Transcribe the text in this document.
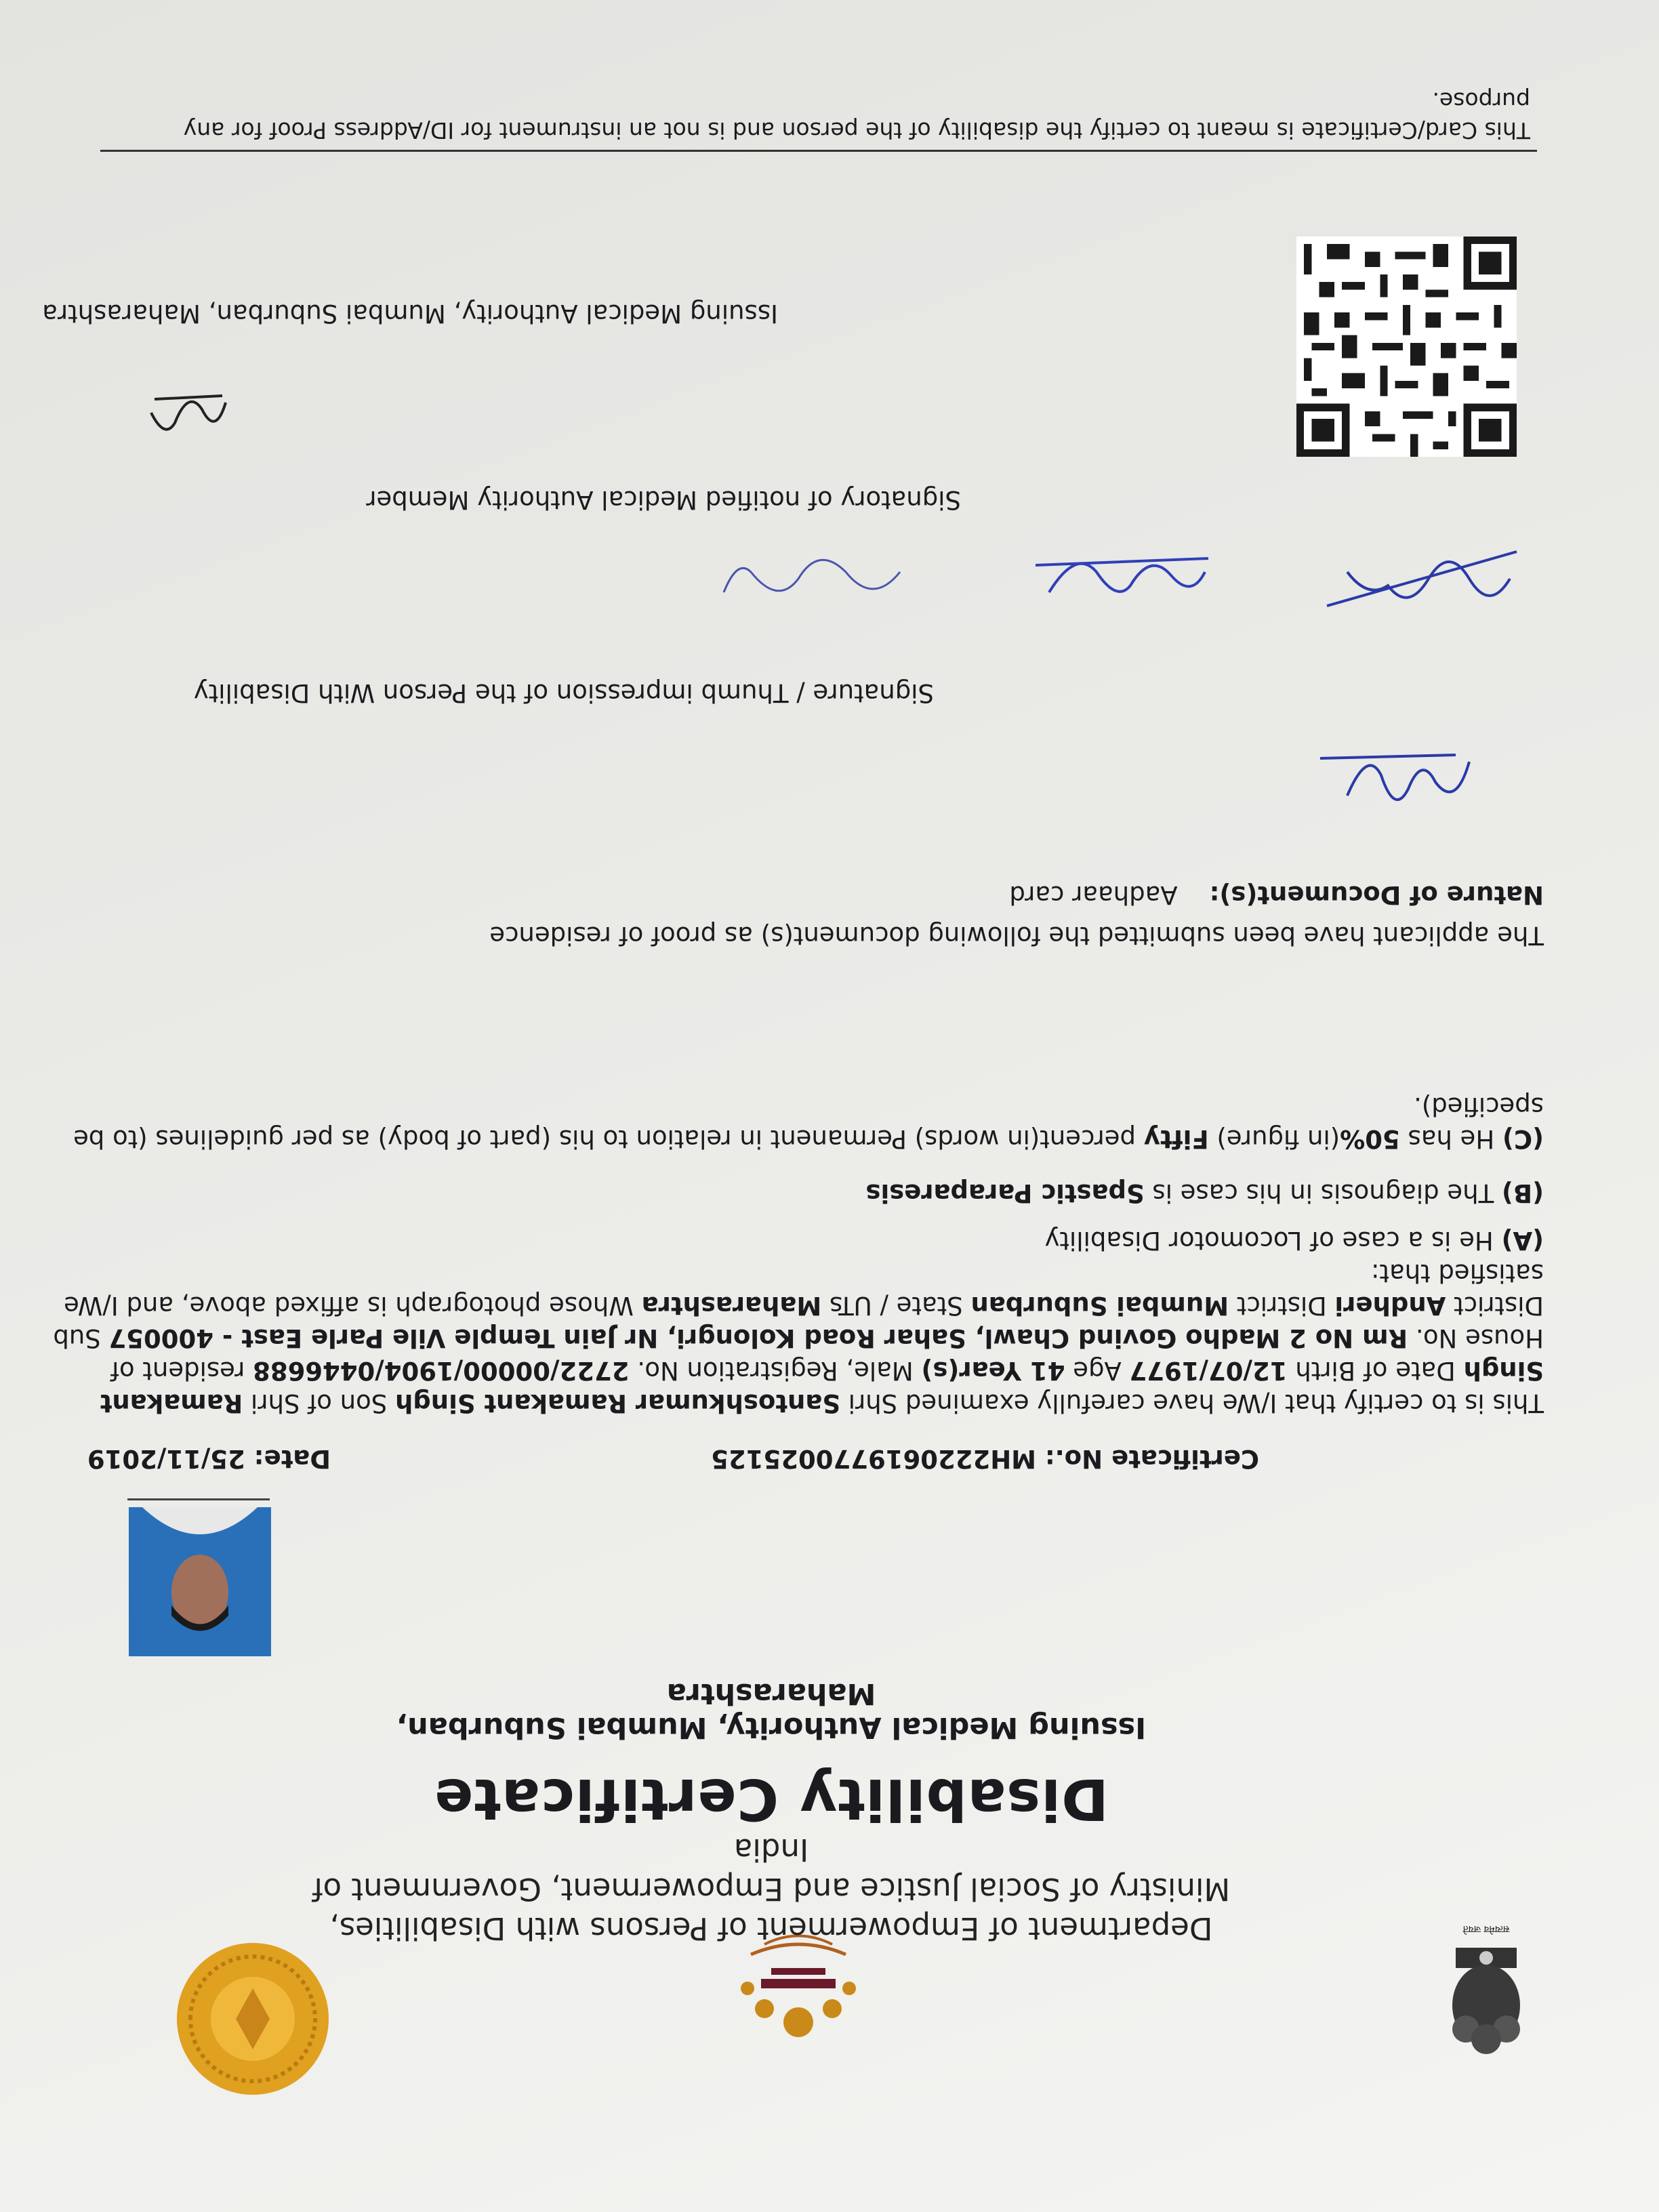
सत्यमेव जयते
Department of Empowerment of Persons with Disabilities,
Ministry of Social Justice and Empowerment, Government of India
Disability Certificate
Issuing Medical Authority, Mumbai Suburban, Maharashtra
Certificate No.: MH2220619770025125
Date: 25/11/2019
This is to certify that I/We have carefully examined Shri Santoshkumar Ramakant Singh Son of Shri Ramakant Singh Date of Birth 12/07/1977 Age 41 Year(s) Male, Registration No. 2722/00000/1904/0446688 resident of House No. Rm No 2 Madho Govind Chawl, Sahar Road Kolongri, Nr Jain Temple Vile Parle East - 400057 Sub District Andheri District Mumbai Suburban State / UTs Maharashtra Whose photograph is affixed above, and I/We satisfied that:
(A) He is a case of Locomotor Disability
(B) The diagnosis in his case is Spastic Paraparesis
(C) He has 50%(in figure) Fifty percent(in words) Permanent in relation to his (part of body) as per guidelines (to be specified).
The applicant have been submitted the following document(s) as proof of residence
Nature of Document(s):    Aadhaar card
Signature / Thumb impression of the Person With Disability
Signatory of notified Medical Authority Member
Issuing Medical Authority, Mumbai Suburban, Maharashtra
This Card/Certificate is meant to certify the disability of the person and is not an instrument for ID/Address Proof for any purpose.
